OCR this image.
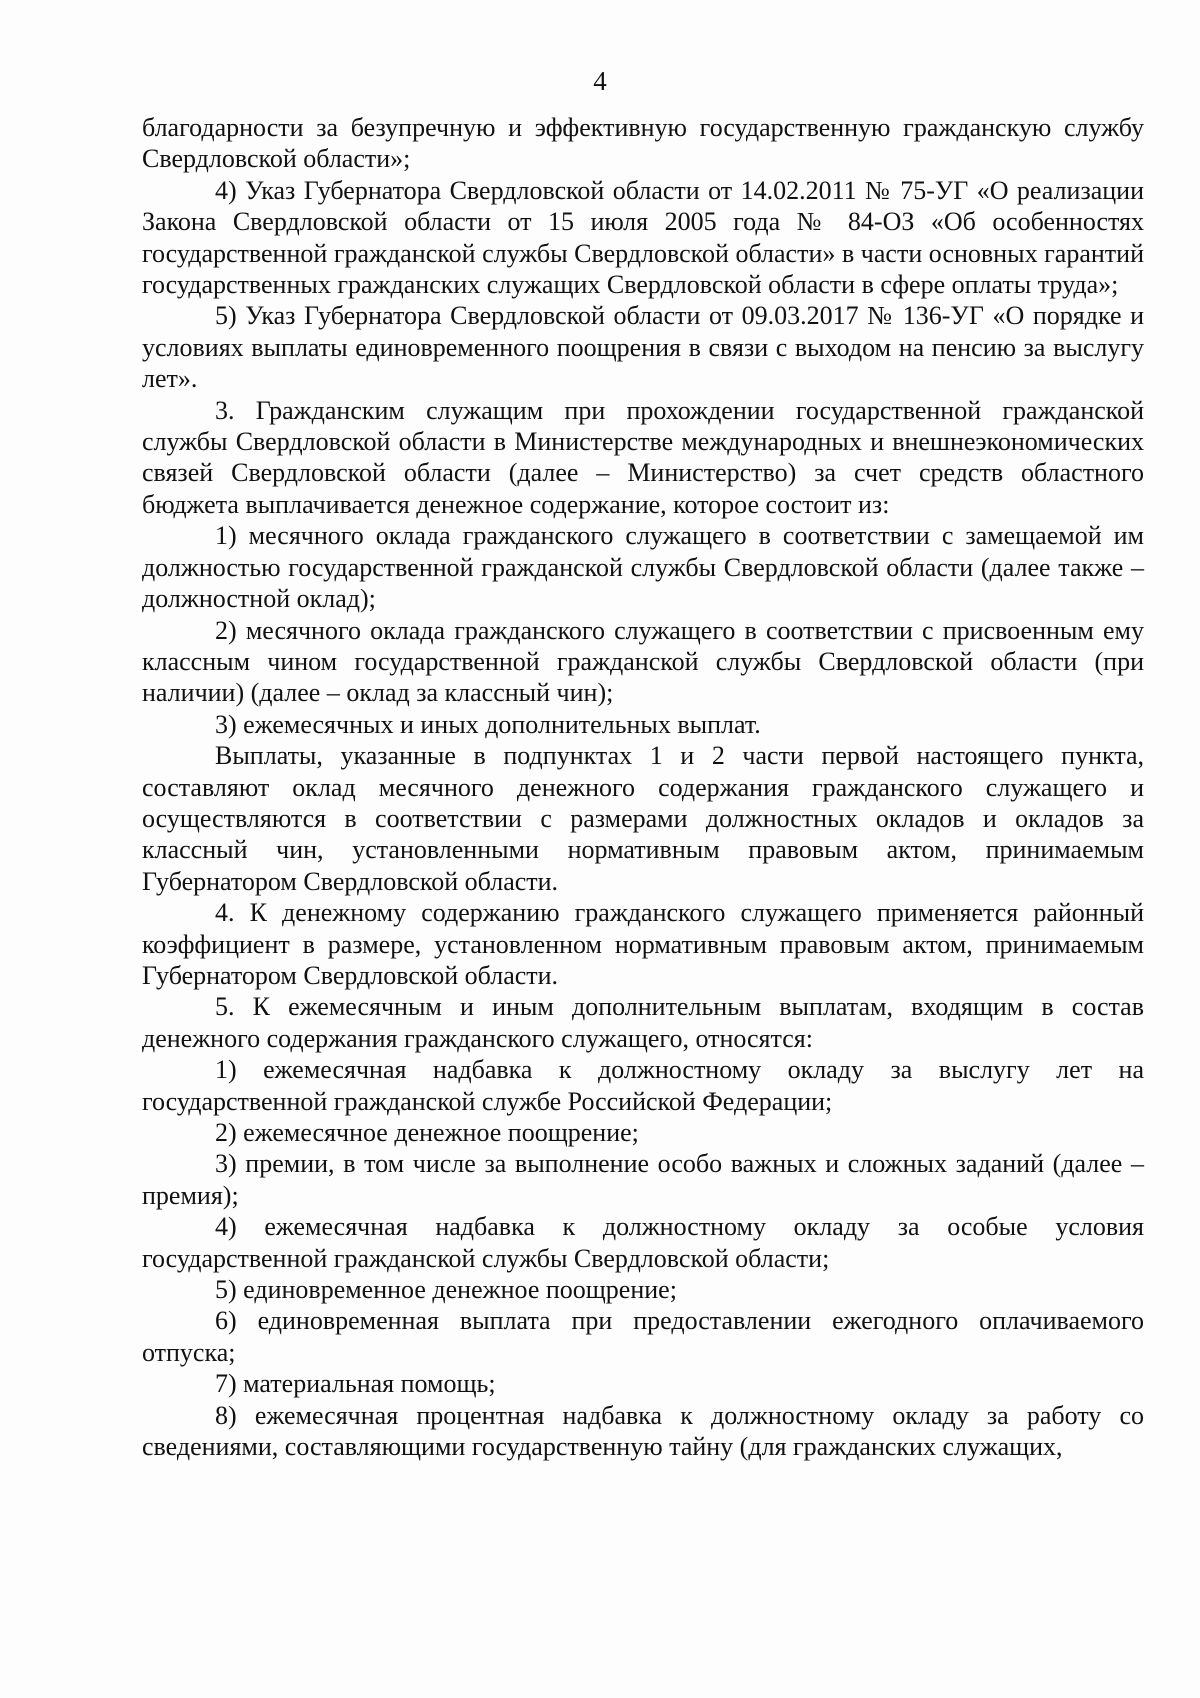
4

благодарности за безупречную и эффективную государственную гражданскую службу Свердловской области»;

4) Указ Губернатора Свердловской области от 14.02.2011 № 75-УГ «О реализации Закона Свердловской области от 15 июля 2005 года № 84-ОЗ «Об особенностях государственной гражданской службы Свердловской области» в части основных гарантий государственных гражданских служащих Свердловской области в сфере оплаты труда»;

5) Указ Губернатора Свердловской области от 09.03.2017 № 136-УГ «О порядке и условиях выплаты единовременного поощрения в связи с выходом на пенсию за выслугу лет».

3. Гражданским служащим при прохождении государственной гражданской службы Свердловской области в Министерстве международных и внешнеэкономических связей Свердловской области (далее – Министерство) за счет средств областного бюджета выплачивается денежное содержание, которое состоит из:

1) месячного оклада гражданского служащего в соответствии с замещаемой им должностью государственной гражданской службы Свердловской области (далее также – должностной оклад);

2) месячного оклада гражданского служащего в соответствии с присвоенным ему классным чином государственной гражданской службы Свердловской области (при наличии) (далее – оклад за классный чин);

3) ежемесячных и иных дополнительных выплат.

Выплаты, указанные в подпунктах 1 и 2 части первой настоящего пункта, составляют оклад месячного денежного содержания гражданского служащего и осуществляются в соответствии с размерами должностных окладов и окладов за классный чин, установленными нормативным правовым актом, принимаемым Губернатором Свердловской области.

4. К денежному содержанию гражданского служащего применяется районный коэффициент в размере, установленном нормативным правовым актом, принимаемым Губернатором Свердловской области.

5. К ежемесячным и иным дополнительным выплатам, входящим в состав денежного содержания гражданского служащего, относятся:

1) ежемесячная надбавка к должностному окладу за выслугу лет на государственной гражданской службе Российской Федерации;

2) ежемесячное денежное поощрение;

3) премии, в том числе за выполнение особо важных и сложных заданий (далее – премия);

4) ежемесячная надбавка к должностному окладу за особые условия государственной гражданской службы Свердловской области;

5) единовременное денежное поощрение;

6) единовременная выплата при предоставлении ежегодного оплачиваемого отпуска;

7) материальная помощь;

8) ежемесячная процентная надбавка к должностному окладу за работу со сведениями, составляющими государственную тайну (для гражданских служащих,
